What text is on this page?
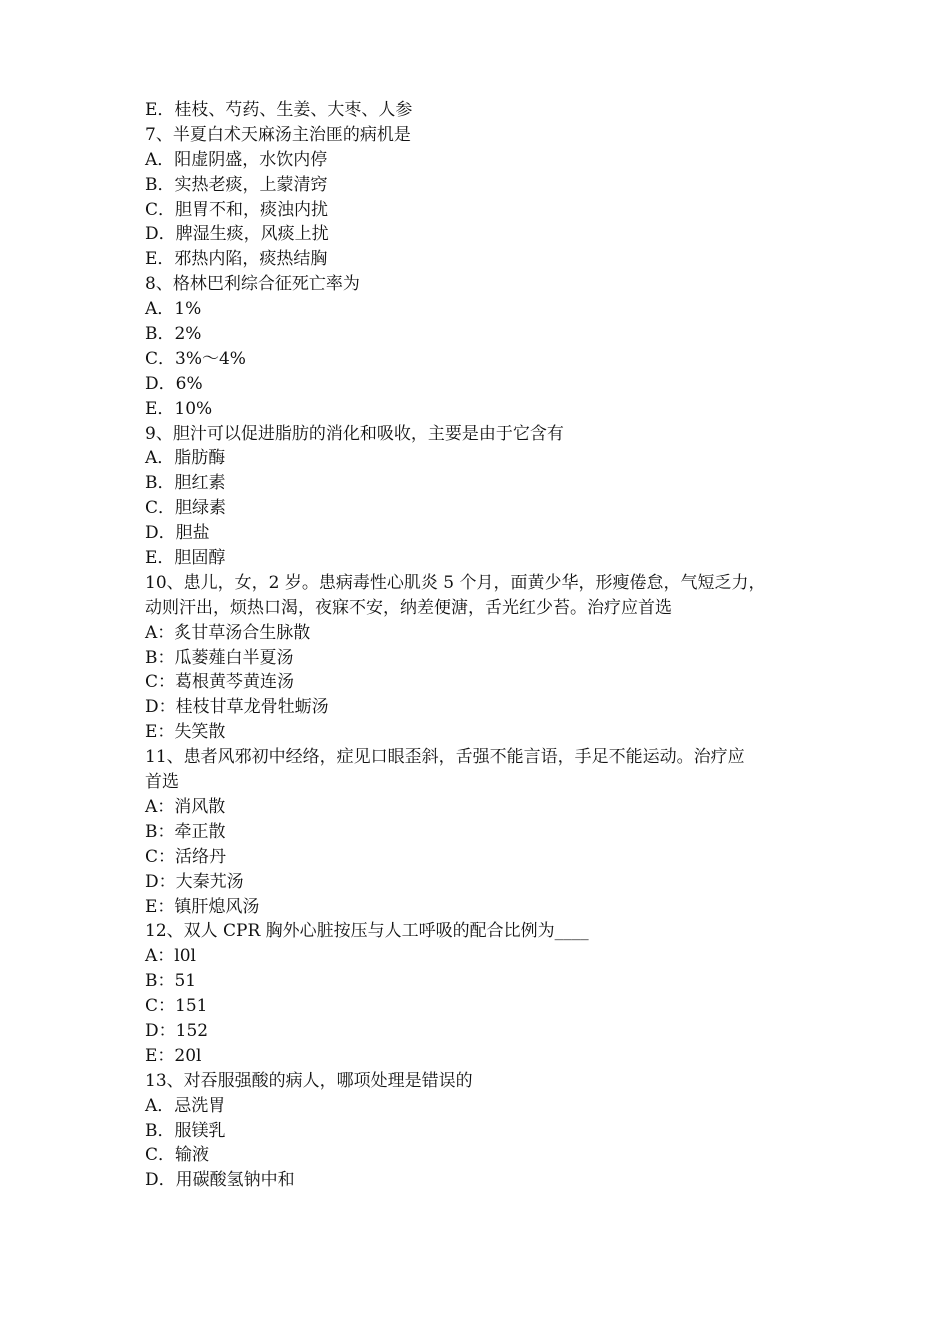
E．桂枝、芍药、生姜、大枣、人参

7、半夏白术天麻汤主治匪的病机是

A．阳虚阴盛，水饮内停

B．实热老痰，上蒙清窍

C．胆胃不和，痰浊内扰

D．脾湿生痰，风痰上扰

E．邪热内陷，痰热结胸

8、格林巴利综合征死亡率为

A．1%

B．2%

C．3%～4%

D．6%

E．10%

9、胆汁可以促进脂肪的消化和吸收，主要是由于它含有

A．脂肪酶

B．胆红素

C．胆绿素

D．胆盐

E．胆固醇

10、患儿，女，2 岁。患病毒性心肌炎 5 个月，面黄少华，形瘦倦怠，气短乏力，

动则汗出，烦热口渴，夜寐不安，纳差便溏，舌光红少苔。治疗应首选

A：炙甘草汤合生脉散

B：瓜蒌薤白半夏汤

C：葛根黄芩黄连汤

D：桂枝甘草龙骨牡蛎汤

E：失笑散

11、患者风邪初中经络，症见口眼歪斜，舌强不能言语，手足不能运动。治疗应

首选

A：消风散

B：牵正散

C：活络丹

D：大秦艽汤

E：镇肝熄风汤

12、双人 CPR 胸外心脏按压与人工呼吸的配合比例为____

A：l0l

B：51

C：151

D：152

E：20l

13、对吞服强酸的病人，哪项处理是错误的

A．忌洗胃

B．服镁乳

C．输液

D．用碳酸氢钠中和
